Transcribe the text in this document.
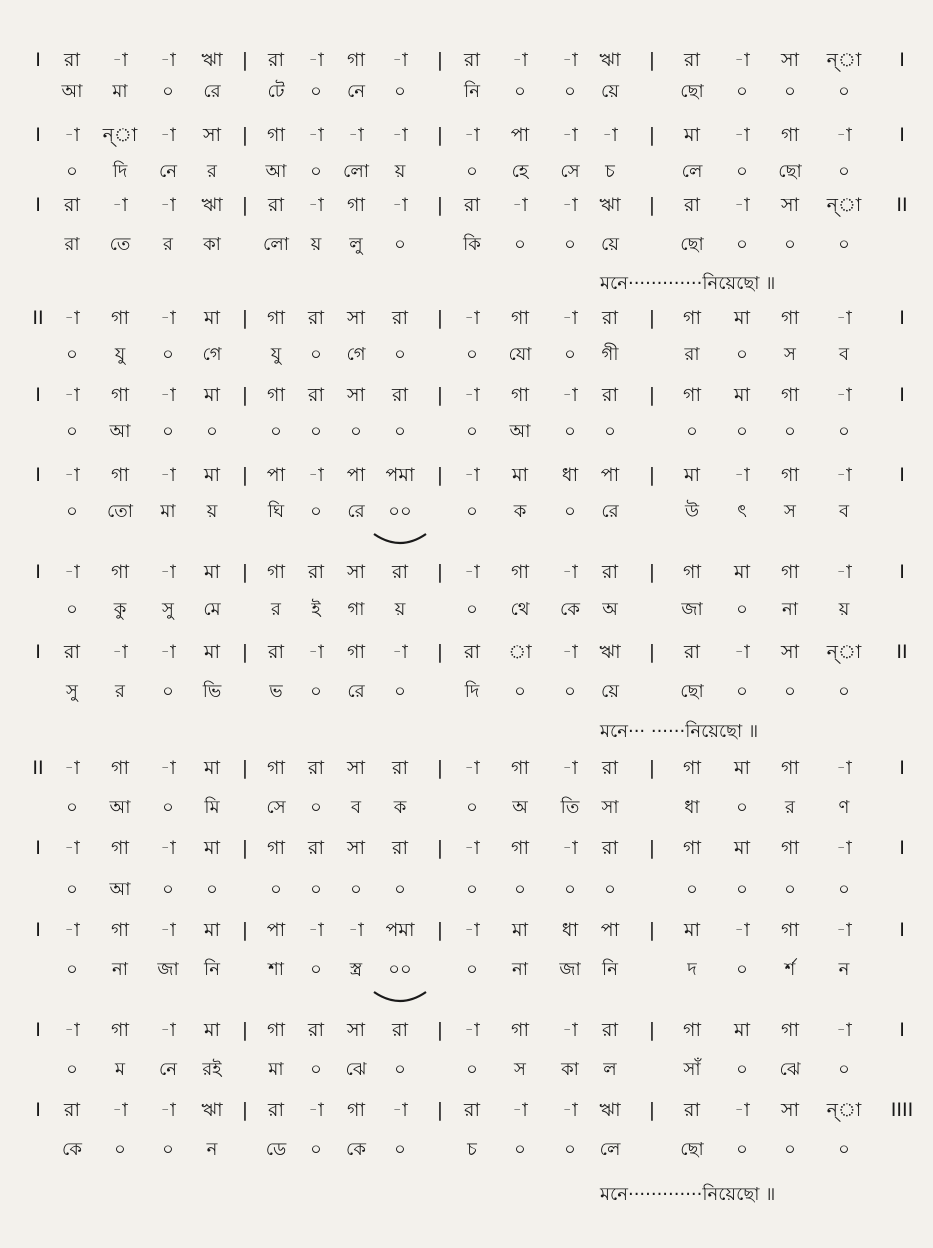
I রা -া -া ঋা | রা -া গা -া | রা -া -া ঋা | রা -া সা ন্‌া I
আ মা ০ রে	টে ০ নে ০	নি ০ ০ য়ে	ছো ০ ০ ০
I -া ন্‌া -া সা | গা -া -া -া | -া পা -া -া | মা -া গা -া I
০ দি নে র	আ ০ লো য়	০ হে সে চ	লে ০ ছো ০
I রা -া -া ঋা | রা -া গা -া | রা -া -া ঋা | রা -া সা ন্‌া II
রা তে র কা লো য় লু ০	কি ০ ০ য়ে	ছো ০ ০ ০
মনে·············নিয়েছো ॥
II -া গা -া মা | গা রা সা রা | -া গা -া রা | গা মা গা -া I
০ যু ০ গে	যু ০ গে ০	০ যো ০ গী	রা ০ স ব
I -া গা -া মা | গা রা সা রা | -া গা -া রা | গা মা গা -া I
০ আ ০ ০	০ ০ ০ ০	০ আ ০ ০	০ ০ ০ ০
I -া গা -া মা | পা -া পা পমা | -া মা ধা পা | মা -া গা -া I
০ তো মা য়	ঘি ০ রে ০০	০ ক ০ রে	উ ৎ স ব
I -া গা -া মা | গা রা সা রা | -া গা -া রা | গা মা গা -া I
০ কু সু মে	র ই গা য়	০ থে কে অ	জা ০ না য়
I রা -া -া মা | রা -া গা -া | রা া -া ঋা | রা -া সা ন্‌া II
সু র ০ ভি	ভ ০ রে ০	দি ০ ০ য়ে	ছো ০ ০ ০
মনে··· ······নিয়েছো ॥
II -া গা -া মা | গা রা সা রা | -া গা -া রা | গা মা গা -া I
০ আ ০ মি	সে ০ ব ক	০ অ তি সা	ধা ০ র ণ
I -া গা -া মা | গা রা সা রা | -া গা -া রা | গা মা গা -া I
০ আ ০ ০	০ ০ ০ ০	০ ০ ০ ০	০ ০ ০ ০
I -া গা -া মা | পা -া -া পমা | -া মা ধা পা | মা -া গা -া I
০ না জা নি	শা ০ স্ত্র ০০	০ না জা নি	দ ০ র্শ ন
I -া গা -া মা | গা রা সা রা | -া গা -া রা | গা মা গা -া I
০ ম নে রই	মা ০ ঝে ০	০ স কা ল	সাঁ ০ ঝে ০
I রা -া -া ঋা | রা -া গা -া | রা -া -া ঋা | রা -া সা ন্‌া IIII
কে ০ ০ ন	ডে ০ কে ০	চ ০ ০ লে	ছো ০ ০ ০
মনে·············নিয়েছো ॥
